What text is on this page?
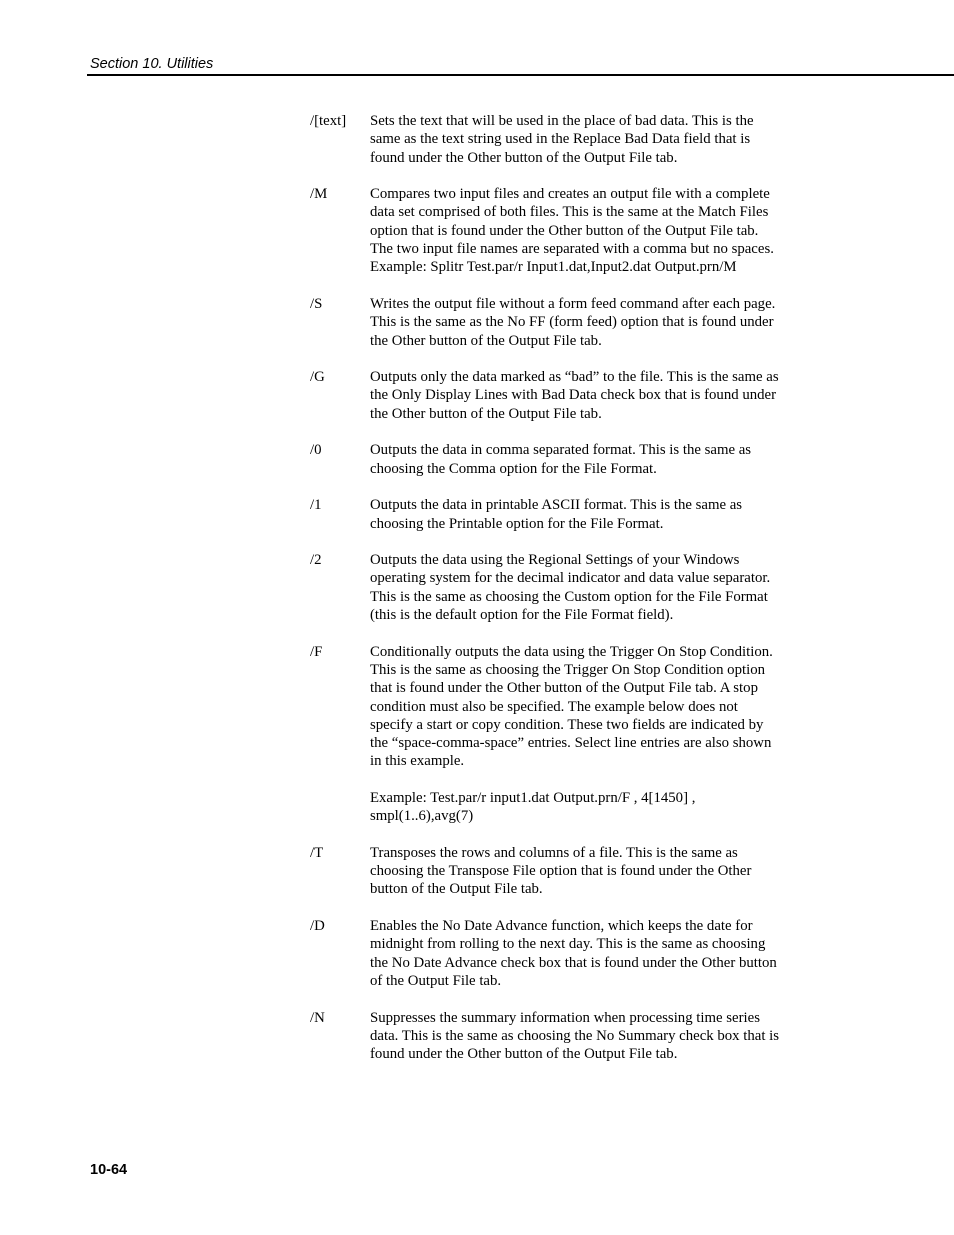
Section 10. Utilities
/[text]	Sets the text that will be used in the place of bad data. This is the
same as the text string used in the Replace Bad Data field that is
found under the Other button of the Output File tab.
/M	Compares two input files and creates an output file with a complete
data set comprised of both files. This is the same at the Match Files
option that is found under the Other button of the Output File tab.
The two input file names are separated with a comma but no spaces.
Example: Splitr Test.par/r Input1.dat,Input2.dat Output.prn/M
/S	Writes the output file without a form feed command after each page.
This is the same as the No FF (form feed) option that is found under
the Other button of the Output File tab.
/G	Outputs only the data marked as “bad” to the file. This is the same as
the Only Display Lines with Bad Data check box that is found under
the Other button of the Output File tab.
/0	Outputs the data in comma separated format. This is the same as
choosing the Comma option for the File Format.
/1	Outputs the data in printable ASCII format. This is the same as
choosing the Printable option for the File Format.
/2	Outputs the data using the Regional Settings of your Windows
operating system for the decimal indicator and data value separator.
This is the same as choosing the Custom option for the File Format
(this is the default option for the File Format field).
/F	Conditionally outputs the data using the Trigger On Stop Condition.
This is the same as choosing the Trigger On Stop Condition option
that is found under the Other button of the Output File tab. A stop
condition must also be specified. The example below does not
specify a start or copy condition. These two fields are indicated by
the “space-comma-space” entries. Select line entries are also shown
in this example.
Example: Test.par/r input1.dat Output.prn/F , 4[1450] ,
smpl(1..6),avg(7)
/T	Transposes the rows and columns of a file. This is the same as
choosing the Transpose File option that is found under the Other
button of the Output File tab.
/D	Enables the No Date Advance function, which keeps the date for
midnight from rolling to the next day. This is the same as choosing
the No Date Advance check box that is found under the Other button
of the Output File tab.
/N	Suppresses the summary information when processing time series
data. This is the same as choosing the No Summary check box that is
found under the Other button of the Output File tab.
10-64
